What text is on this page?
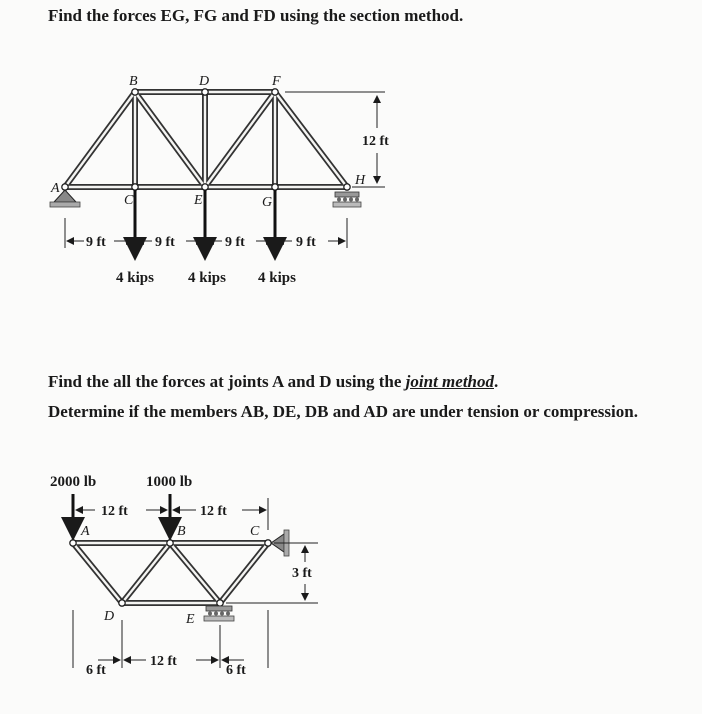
Find the forces EG, FG and FD using the section method.
B	D	F
A
C	E	G
H
12 ft
9 ft	9 ft	9 ft	9 ft
4 kips 4 kips 4 kips
Find the all the forces at joints A and D using the joint method.
Determine if the members AB, DE, DB and AD are under tension or compression.
A	B	C
D	E
2000 lb	1000 lb
12 ft	12 ft
3 ft
6 ft
12 ft
6 ft
